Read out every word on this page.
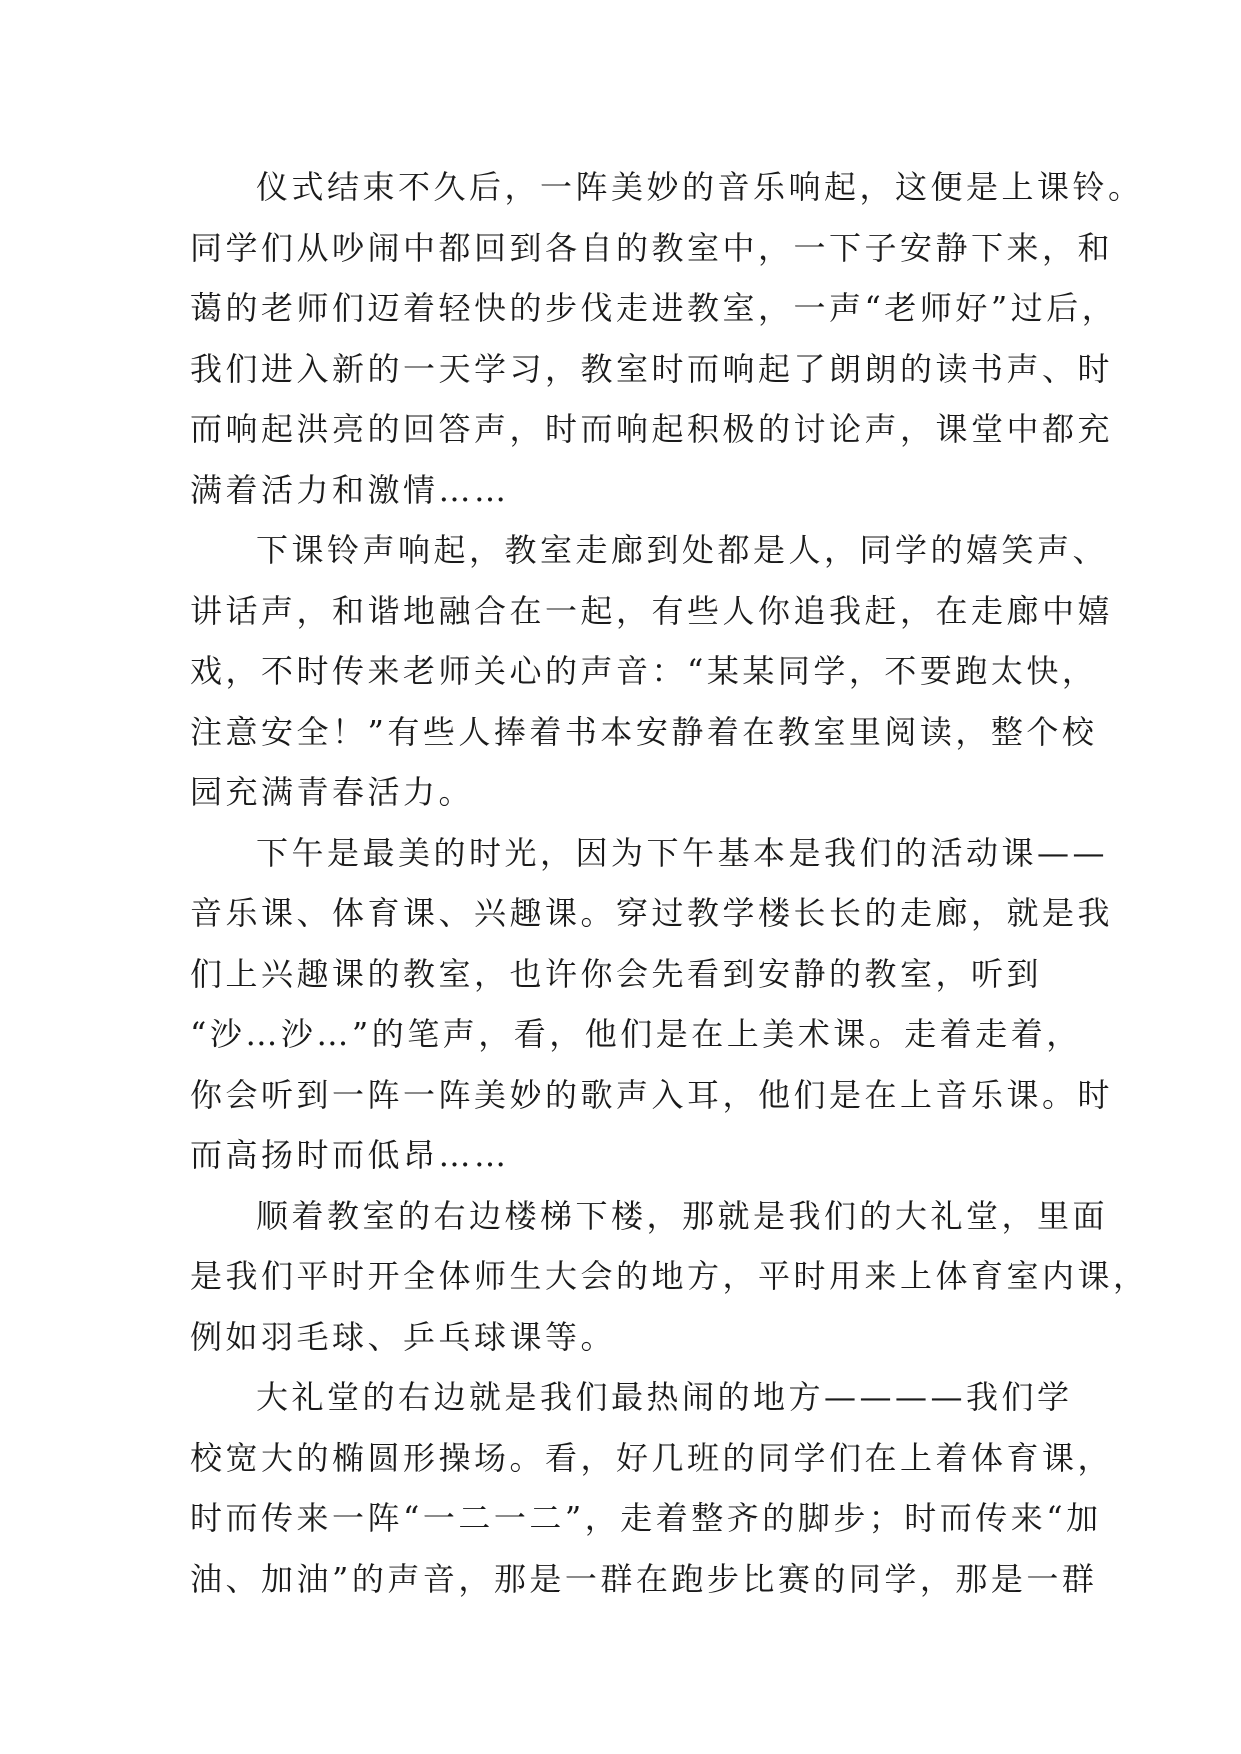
仪式结束不久后，一阵美妙的音乐响起，这便是上课铃。
同学们从吵闹中都回到各自的教室中，一下子安静下来，和
蔼的老师们迈着轻快的步伐走进教室，一声“老师好”过后，
我们进入新的一天学习，教室时而响起了朗朗的读书声、时
而响起洪亮的回答声，时而响起积极的讨论声，课堂中都充
满着活力和激情……
下课铃声响起，教室走廊到处都是人，同学的嬉笑声、
讲话声，和谐地融合在一起，有些人你追我赶，在走廊中嬉
戏，不时传来老师关心的声音：“某某同学，不要跑太快，
注意安全！”有些人捧着书本安静着在教室里阅读，整个校
园充满青春活力。
下午是最美的时光，因为下午基本是我们的活动课——
音乐课、体育课、兴趣课。穿过教学楼长长的走廊，就是我
们上兴趣课的教室，也许你会先看到安静的教室，听到
“沙…沙…”的笔声，看，他们是在上美术课。走着走着，
你会听到一阵一阵美妙的歌声入耳，他们是在上音乐课。时
而高扬时而低昂……
顺着教室的右边楼梯下楼，那就是我们的大礼堂，里面
是我们平时开全体师生大会的地方，平时用来上体育室内课，
例如羽毛球、乒乓球课等。
大礼堂的右边就是我们最热闹的地方————我们学
校宽大的椭圆形操场。看，好几班的同学们在上着体育课，
时而传来一阵“一二一二”，走着整齐的脚步；时而传来“加
油、加油”的声音，那是一群在跑步比赛的同学，那是一群
